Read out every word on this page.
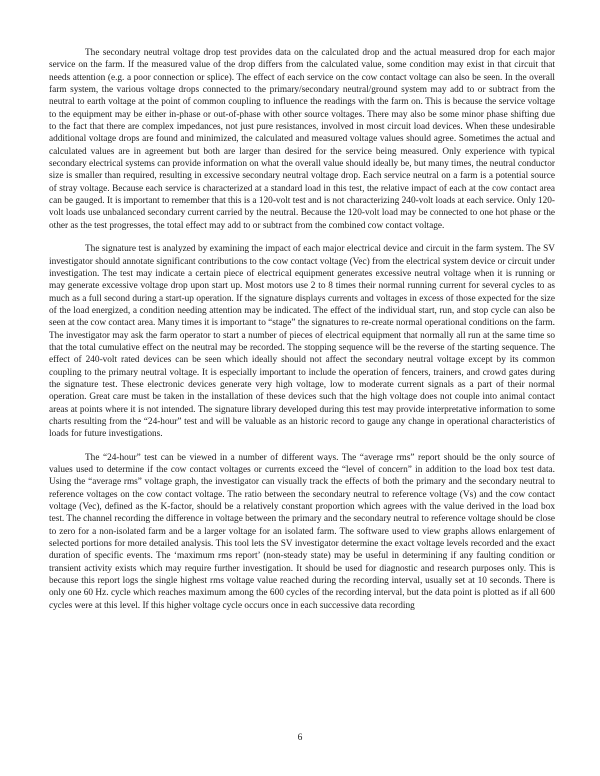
The secondary neutral voltage drop test provides data on the calculated drop and the actual measured drop for each major service on the farm. If the measured value of the drop differs from the calculated value, some condition may exist in that circuit that needs attention (e.g. a poor connection or splice). The effect of each service on the cow contact voltage can also be seen. In the overall farm system, the various voltage drops connected to the primary/secondary neutral/ground system may add to or subtract from the neutral to earth voltage at the point of common coupling to influence the readings with the farm on. This is because the service voltage to the equipment may be either in-phase or out-of-phase with other source voltages. There may also be some minor phase shifting due to the fact that there are complex impedances, not just pure resistances, involved in most circuit load devices. When these undesirable additional voltage drops are found and minimized, the calculated and measured voltage values should agree. Sometimes the actual and calculated values are in agreement but both are larger than desired for the service being measured. Only experience with typical secondary electrical systems can provide information on what the overall value should ideally be, but many times, the neutral conductor size is smaller than required, resulting in excessive secondary neutral voltage drop. Each service neutral on a farm is a potential source of stray voltage. Because each service is characterized at a standard load in this test, the relative impact of each at the cow contact area can be gauged. It is important to remember that this is a 120-volt test and is not characterizing 240-volt loads at each service. Only 120-volt loads use unbalanced secondary current carried by the neutral. Because the 120-volt load may be connected to one hot phase or the other as the test progresses, the total effect may add to or subtract from the combined cow contact voltage.

The signature test is analyzed by examining the impact of each major electrical device and circuit in the farm system. The SV investigator should annotate significant contributions to the cow contact voltage (Vec) from the electrical system device or circuit under investigation. The test may indicate a certain piece of electrical equipment generates excessive neutral voltage when it is running or may generate excessive voltage drop upon start up. Most motors use 2 to 8 times their normal running current for several cycles to as much as a full second during a start-up operation. If the signature displays currents and voltages in excess of those expected for the size of the load energized, a condition needing attention may be indicated. The effect of the individual start, run, and stop cycle can also be seen at the cow contact area. Many times it is important to “stage” the signatures to re-create normal operational conditions on the farm. The investigator may ask the farm operator to start a number of pieces of electrical equipment that normally all run at the same time so that the total cumulative effect on the neutral may be recorded. The stopping sequence will be the reverse of the starting sequence. The effect of 240-volt rated devices can be seen which ideally should not affect the secondary neutral voltage except by its common coupling to the primary neutral voltage. It is especially important to include the operation of fencers, trainers, and crowd gates during the signature test. These electronic devices generate very high voltage, low to moderate current signals as a part of their normal operation. Great care must be taken in the installation of these devices such that the high voltage does not couple into animal contact areas at points where it is not intended. The signature library developed during this test may provide interpretative information to some charts resulting from the “24-hour” test and will be valuable as an historic record to gauge any change in operational characteristics of loads for future investigations.

The “24-hour” test can be viewed in a number of different ways. The “average rms” report should be the only source of values used to determine if the cow contact voltages or currents exceed the “level of concern” in addition to the load box test data. Using the “average rms” voltage graph, the investigator can visually track the effects of both the primary and the secondary neutral to reference voltages on the cow contact voltage. The ratio between the secondary neutral to reference voltage (Vs) and the cow contact voltage (Vec), defined as the K-factor, should be a relatively constant proportion which agrees with the value derived in the load box test. The channel recording the difference in voltage between the primary and the secondary neutral to reference voltage should be close to zero for a non-isolated farm and be a larger voltage for an isolated farm. The software used to view graphs allows enlargement of selected portions for more detailed analysis. This tool lets the SV investigator determine the exact voltage levels recorded and the exact duration of specific events. The ‘maximum rms report’ (non-steady state) may be useful in determining if any faulting condition or transient activity exists which may require further investigation. It should be used for diagnostic and research purposes only. This is because this report logs the single highest rms voltage value reached during the recording interval, usually set at 10 seconds. There is only one 60 Hz. cycle which reaches maximum among the 600 cycles of the recording interval, but the data point is plotted as if all 600 cycles were at this level. If this higher voltage cycle occurs once in each successive data recording

6
